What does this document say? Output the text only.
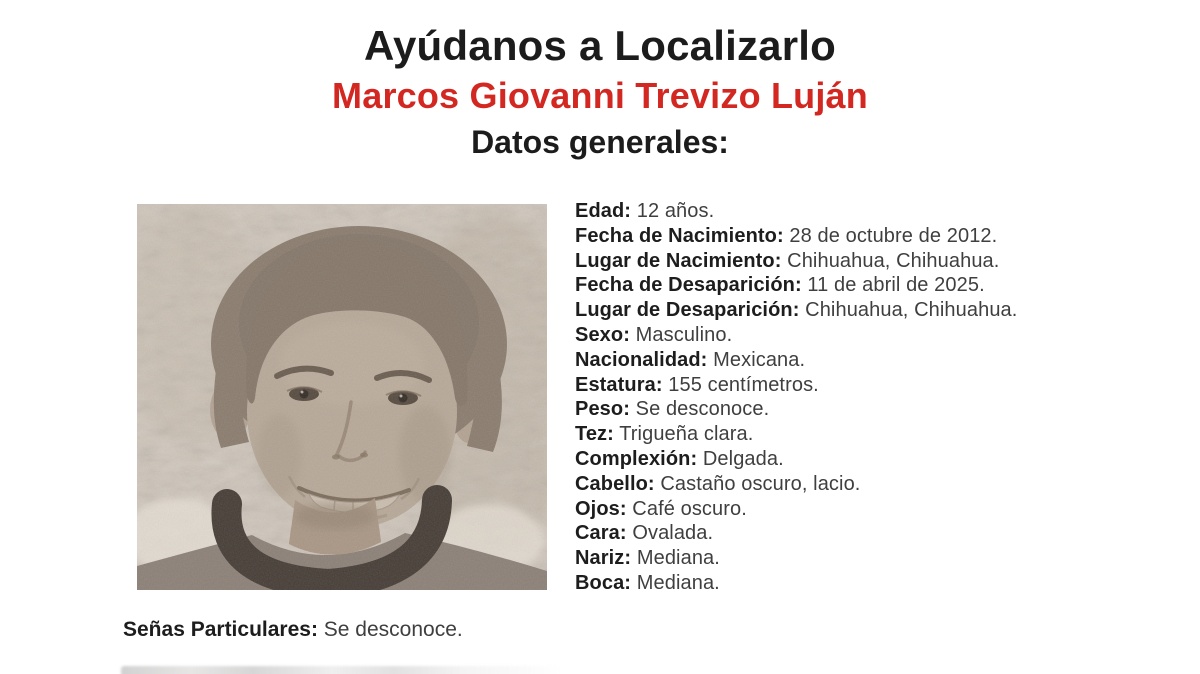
Ayúdanos a Localizarlo
Marcos Giovanni Trevizo Luján
Datos generales:
Edad: 12 años.
Fecha de Nacimiento: 28 de octubre de 2012.
Lugar de Nacimiento: Chihuahua, Chihuahua.
Fecha de Desaparición: 11 de abril de 2025.
Lugar de Desaparición: Chihuahua, Chihuahua.
Sexo: Masculino.
Nacionalidad: Mexicana.
Estatura: 155 centímetros.
Peso: Se desconoce.
Tez: Trigueña clara.
Complexión: Delgada.
Cabello: Castaño oscuro, lacio.
Ojos: Café oscuro.
Cara: Ovalada.
Nariz: Mediana.
Boca: Mediana.
Señas Particulares: Se desconoce.
